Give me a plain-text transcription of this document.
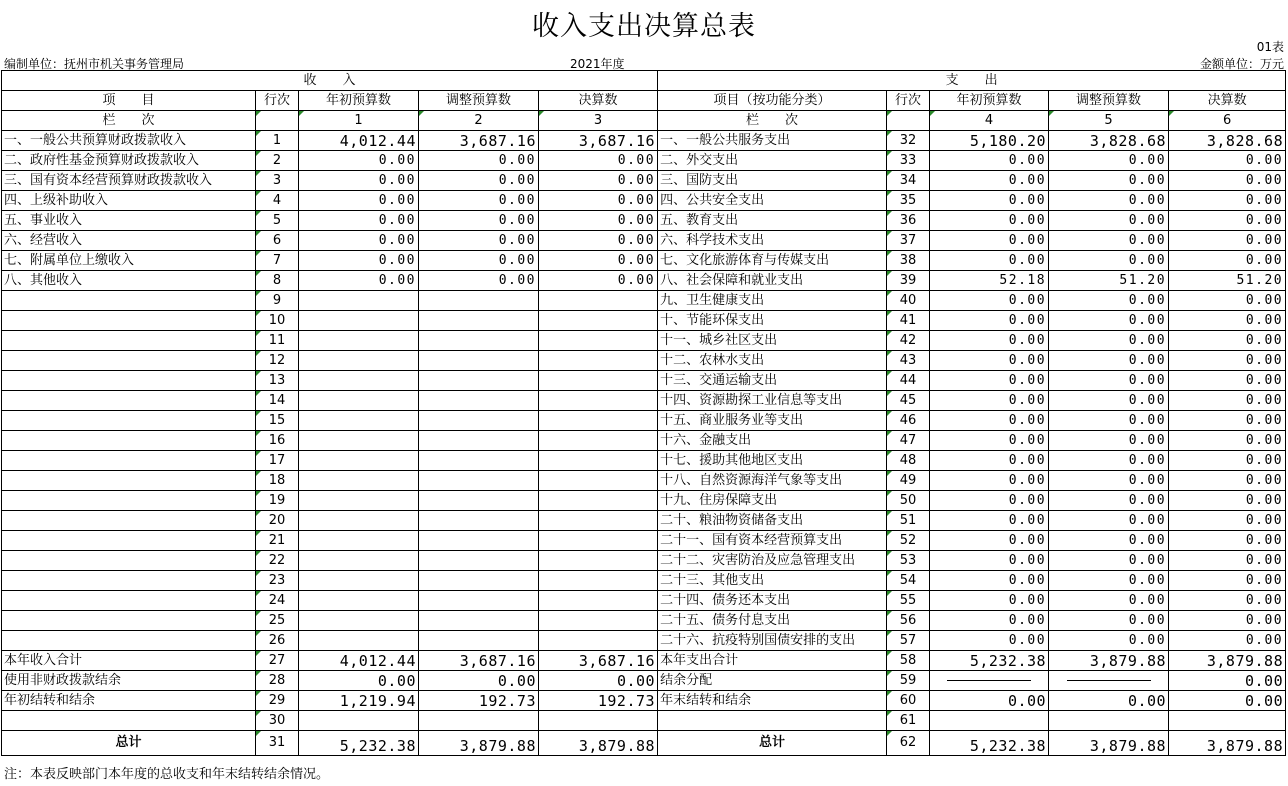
收入支出决算总表
01表
编制单位：抚州市机关事务管理局	2021年度	金额单位：万元
收　　入					支　　出				
项　　目	行次	年初预算数	调整预算数	决算数	项目（按功能分类）	行次	年初预算数	调整预算数	决算数
栏　　次		1	2	3	栏　　次		4	5	6
一、一般公共预算财政拨款收入	1	4,012.44	3,687.16	3,687.16	一、一般公共服务支出	32	5,180.20	3,828.68	3,828.68
二、政府性基金预算财政拨款收入	2	0.00	0.00	0.00	二、外交支出	33	0.00	0.00	0.00
三、国有资本经营预算财政拨款收入	3	0.00	0.00	0.00	三、国防支出	34	0.00	0.00	0.00
四、上级补助收入	4	0.00	0.00	0.00	四、公共安全支出	35	0.00	0.00	0.00
五、事业收入	5	0.00	0.00	0.00	五、教育支出	36	0.00	0.00	0.00
六、经营收入	6	0.00	0.00	0.00	六、科学技术支出	37	0.00	0.00	0.00
七、附属单位上缴收入	7	0.00	0.00	0.00	七、文化旅游体育与传媒支出	38	0.00	0.00	0.00
八、其他收入	8	0.00	0.00	0.00	八、社会保障和就业支出	39	52.18	51.20	51.20
	9				九、卫生健康支出	40	0.00	0.00	0.00
	10				十、节能环保支出	41	0.00	0.00	0.00
	11				十一、城乡社区支出	42	0.00	0.00	0.00
	12				十二、农林水支出	43	0.00	0.00	0.00
	13				十三、交通运输支出	44	0.00	0.00	0.00
	14				十四、资源勘探工业信息等支出	45	0.00	0.00	0.00
	15				十五、商业服务业等支出	46	0.00	0.00	0.00
	16				十六、金融支出	47	0.00	0.00	0.00
	17				十七、援助其他地区支出	48	0.00	0.00	0.00
	18				十八、自然资源海洋气象等支出	49	0.00	0.00	0.00
	19				十九、住房保障支出	50	0.00	0.00	0.00
	20				二十、粮油物资储备支出	51	0.00	0.00	0.00
	21				二十一、国有资本经营预算支出	52	0.00	0.00	0.00
	22				二十二、灾害防治及应急管理支出	53	0.00	0.00	0.00
	23				二十三、其他支出	54	0.00	0.00	0.00
	24				二十四、债务还本支出	55	0.00	0.00	0.00
	25				二十五、债务付息支出	56	0.00	0.00	0.00
	26				二十六、抗疫特别国债安排的支出	57	0.00	0.00	0.00
本年收入合计	27	4,012.44	3,687.16	3,687.16	本年支出合计	58	5,232.38	3,879.88	3,879.88
使用非财政拨款结余	28	0.00	0.00	0.00	结余分配	59			0.00
年初结转和结余	29	1,219.94	192.73	192.73	年末结转和结余	60	0.00	0.00	0.00
	30					61			
总计	31	5,232.38	3,879.88	3,879.88	总计	62	5,232.38	3,879.88	3,879.88
注：本表反映部门本年度的总收支和年末结转结余情况。
